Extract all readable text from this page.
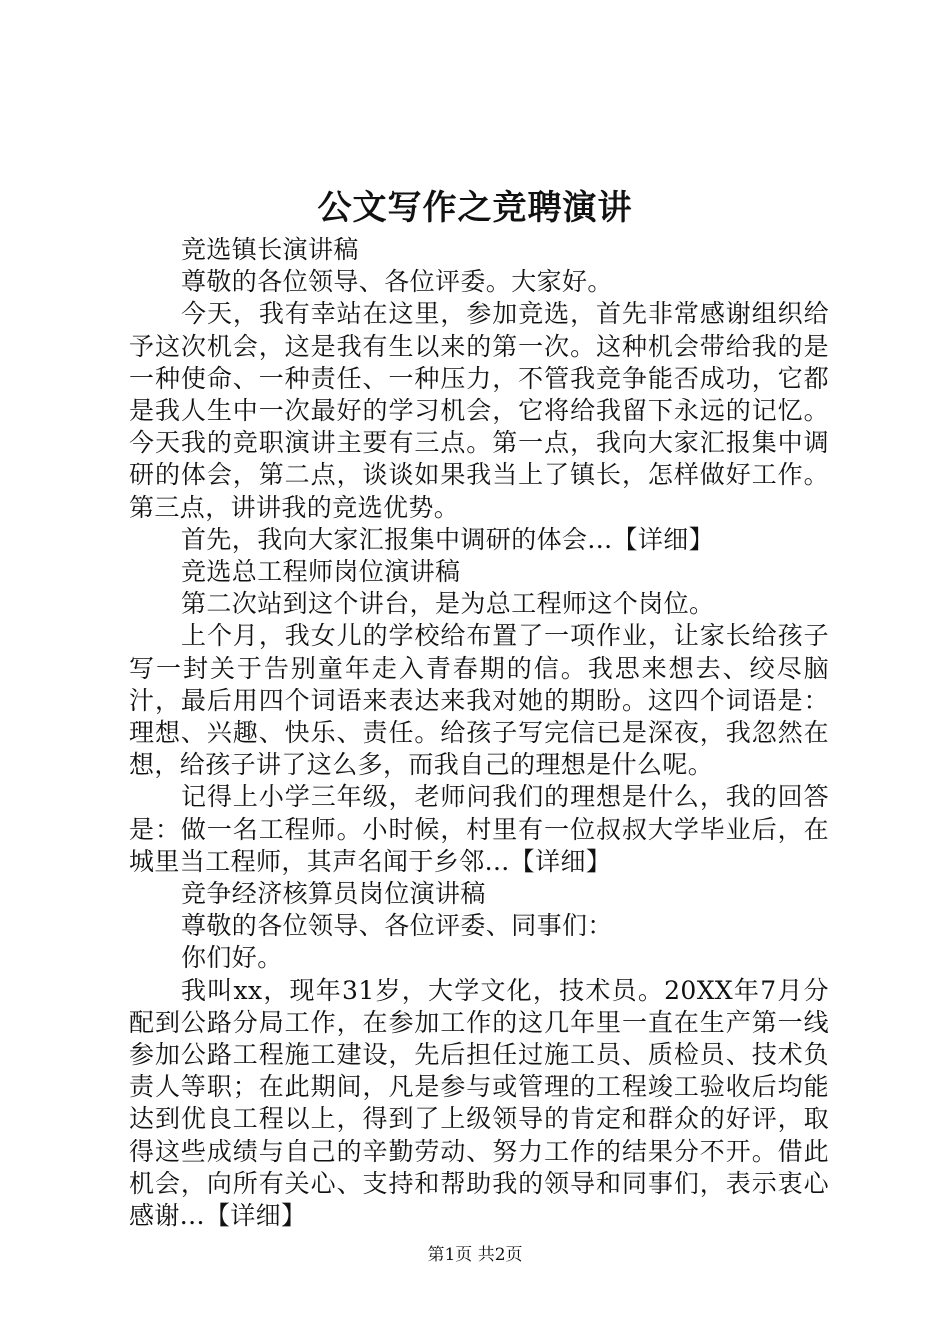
公文写作之竞聘演讲

竞选镇长演讲稿

尊敬的各位领导、各位评委。大家好。

今天，我有幸站在这里，参加竞选，首先非常感谢组织给予这次机会，这是我有生以来的第一次。这种机会带给我的是一种使命、一种责任、一种压力，不管我竞争能否成功，它都是我人生中一次最好的学习机会，它将给我留下永远的记忆。今天我的竞职演讲主要有三点。第一点，我向大家汇报集中调研的体会，第二点，谈谈如果我当上了镇长，怎样做好工作。第三点，讲讲我的竞选优势。

首先，我向大家汇报集中调研的体会...【详细】

竞选总工程师岗位演讲稿

第二次站到这个讲台，是为总工程师这个岗位。

上个月，我女儿的学校给布置了一项作业，让家长给孩子写一封关于告别童年走入青春期的信。我思来想去、绞尽脑汁，最后用四个词语来表达来我对她的期盼。这四个词语是：理想、兴趣、快乐、责任。给孩子写完信已是深夜，我忽然在想，给孩子讲了这么多，而我自己的理想是什么呢。

记得上小学三年级，老师问我们的理想是什么，我的回答是：做一名工程师。小时候，村里有一位叔叔大学毕业后，在城里当工程师，其声名闻于乡邻...【详细】

竞争经济核算员岗位演讲稿

尊敬的各位领导、各位评委、同事们：

你们好。

我叫xx，现年31岁，大学文化，技术员。20XX年7月分配到公路分局工作，在参加工作的这几年里一直在生产第一线参加公路工程施工建设，先后担任过施工员、质检员、技术负责人等职；在此期间，凡是参与或管理的工程竣工验收后均能达到优良工程以上，得到了上级领导的肯定和群众的好评，取得这些成绩与自己的辛勤劳动、努力工作的结果分不开。借此机会，向所有关心、支持和帮助我的领导和同事们，表示衷心感谢...【详细】

第1页 共2页
